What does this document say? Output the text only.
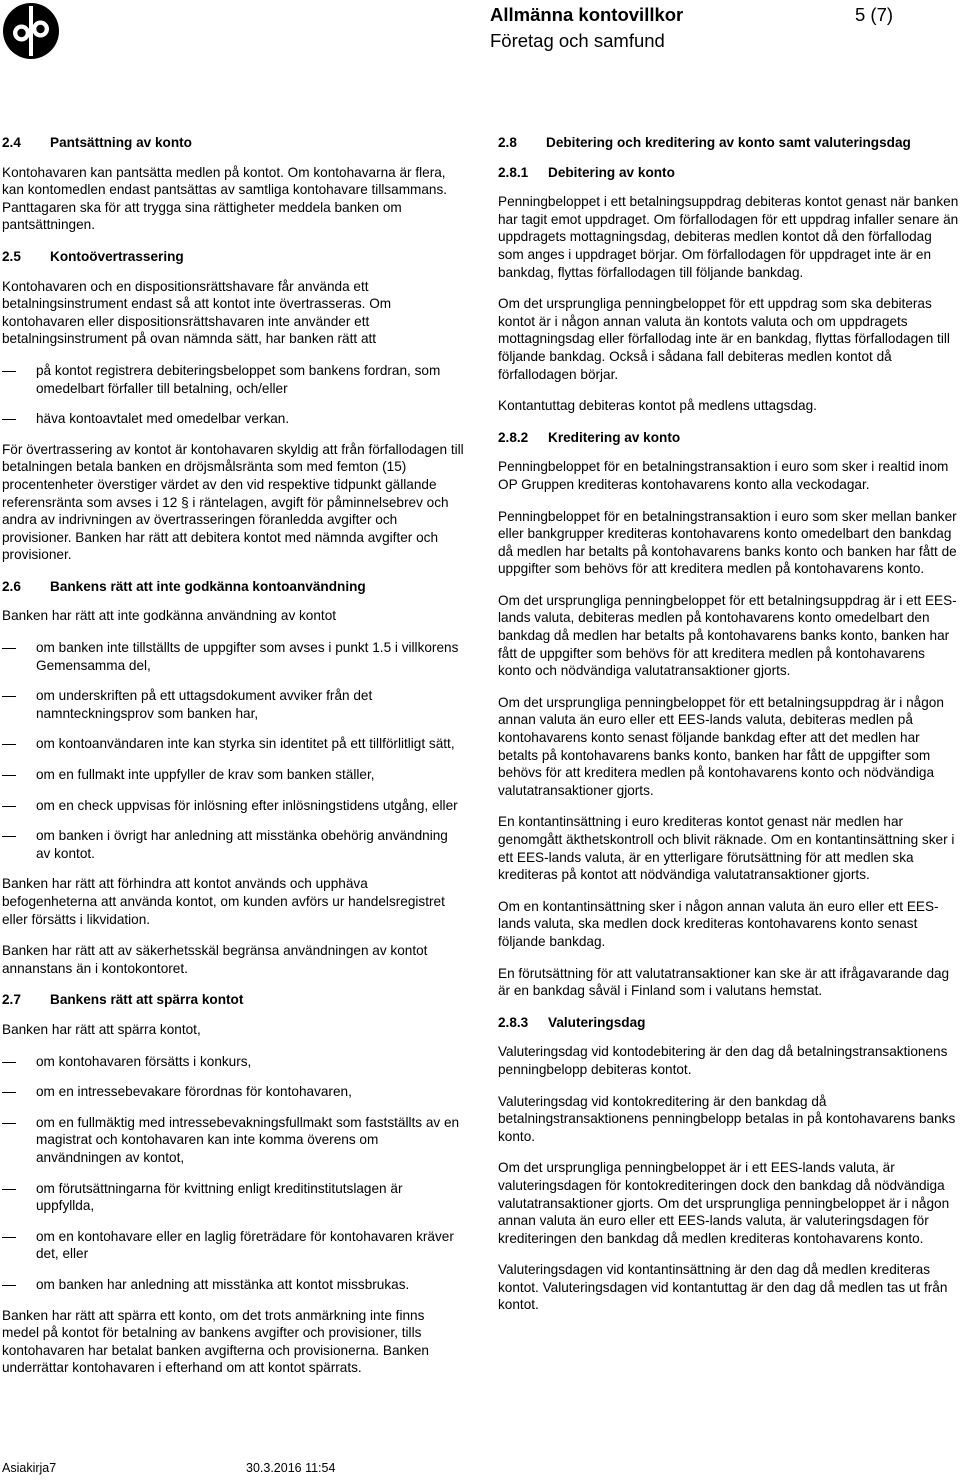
Allmänna kontovillkor	5 (7)
Företag och samfund
2.4	Pantsättning av konto
Kontohavaren kan pantsätta medlen på kontot. Om kontohavarna är flera, kan kontomedlen endast pantsättas av samtliga kontohavare tillsammans. Panttagaren ska för att trygga sina rättigheter meddela banken om pantsättningen.
2.5	Kontoövertrassering
Kontohavaren och en dispositionsrättshavare får använda ett betalningsinstrument endast så att kontot inte övertrasseras. Om kontohavaren eller dispositionsrättshavaren inte använder ett betalningsinstrument på ovan nämnda sätt, har banken rätt att
på kontot registrera debiteringsbeloppet som bankens fordran, som omedelbart förfaller till betalning, och/eller
häva kontoavtalet med omedelbar verkan.
För övertrassering av kontot är kontohavaren skyldig att från förfallodagen till betalningen betala banken en dröjsmålsränta som med femton (15) procentenheter överstiger värdet av den vid respektive tidpunkt gällande referensränta som avses i 12 § i räntelagen, avgift för påminnelsebrev och andra av indrivningen av övertrasseringen föranledda avgifter och provisioner. Banken har rätt att debitera kontot med nämnda avgifter och provisioner.
2.6	Bankens rätt att inte godkänna kontoanvändning
Banken har rätt att inte godkänna användning av kontot
om banken inte tillställts de uppgifter som avses i punkt 1.5 i villkorens Gemensamma del,
om underskriften på ett uttagsdokument avviker från det namnteckningsprov som banken har,
om kontoanvändaren inte kan styrka sin identitet på ett tillförlitligt sätt,
om en fullmakt inte uppfyller de krav som banken ställer,
om en check uppvisas för inlösning efter inlösningstidens utgång, eller
om banken i övrigt har anledning att misstänka obehörig användning av kontot.
Banken har rätt att förhindra att kontot används och upphäva befogenheterna att använda kontot, om kunden avförs ur handelsregistret eller försätts i likvidation.
Banken har rätt att av säkerhetsskäl begränsa användningen av kontot annanstans än i kontokontoret.
2.7	Bankens rätt att spärra kontot
Banken har rätt att spärra kontot,
om kontohavaren försätts i konkurs,
om en intressebevakare förordnas för kontohavaren,
om en fullmäktig med intressebevakningsfullmakt som fastställts av en magistrat och kontohavaren kan inte komma överens om användningen av kontot,
om förutsättningarna för kvittning enligt kreditinstitutslagen är uppfyllda,
om en kontohavare eller en laglig företrädare för kontohavaren kräver det, eller
om banken har anledning att misstänka att kontot missbrukas.
Banken har rätt att spärra ett konto, om det trots anmärkning inte finns medel på kontot för betalning av bankens avgifter och provisioner, tills kontohavaren har betalat banken avgifterna och provisionerna. Banken underrättar kontohavaren i efterhand om att kontot spärrats.
2.8	Debitering och kreditering av konto samt valuteringsdag
2.8.1	Debitering av konto
Penningbeloppet i ett betalningsuppdrag debiteras kontot genast när banken har tagit emot uppdraget. Om förfallodagen för ett uppdrag infaller senare än uppdragets mottagningsdag, debiteras medlen kontot då den förfallodag som anges i uppdraget börjar. Om förfallodagen för uppdraget inte är en bankdag, flyttas förfallodagen till följande bankdag.
Om det ursprungliga penningbeloppet för ett uppdrag som ska debiteras kontot är i någon annan valuta än kontots valuta och om uppdragets mottagningsdag eller förfallodag inte är en bankdag, flyttas förfallodagen till följande bankdag. Också i sådana fall debiteras medlen kontot då förfallodagen börjar.
Kontantuttag debiteras kontot på medlens uttagsdag.
2.8.2	Kreditering av konto
Penningbeloppet för en betalningstransaktion i euro som sker i realtid inom OP Gruppen krediteras kontohavarens konto alla veckodagar.
Penningbeloppet för en betalningstransaktion i euro som sker mellan banker eller bankgrupper krediteras kontohavarens konto omedelbart den bankdag då medlen har betalts på kontohavarens banks konto och banken har fått de uppgifter som behövs för att kreditera medlen på kontohavarens konto.
Om det ursprungliga penningbeloppet för ett betalningsuppdrag är i ett EES-lands valuta, debiteras medlen på kontohavarens konto omedelbart den bankdag då medlen har betalts på kontohavarens banks konto, banken har fått de uppgifter som behövs för att kreditera medlen på kontohavarens konto och nödvändiga valutatransaktioner gjorts.
Om det ursprungliga penningbeloppet för ett betalningsuppdrag är i någon annan valuta än euro eller ett EES-lands valuta, debiteras medlen på kontohavarens konto senast följande bankdag efter att det medlen har betalts på kontohavarens banks konto, banken har fått de uppgifter som behövs för att kreditera medlen på kontohavarens konto och nödvändiga valutatransaktioner gjorts.
En kontantinsättning i euro krediteras kontot genast när medlen har genomgått äkthetskontroll och blivit räknade. Om en kontantinsättning sker i ett EES-lands valuta, är en ytterligare förutsättning för att medlen ska krediteras på kontot att nödvändiga valutatransaktioner gjorts.
Om en kontantinsättning sker i någon annan valuta än euro eller ett EES-lands valuta, ska medlen dock krediteras kontohavarens konto senast följande bankdag.
En förutsättning för att valutatransaktioner kan ske är att ifrågavarande dag är en bankdag såväl i Finland som i valutans hemstat.
2.8.3	Valuteringsdag
Valuteringsdag vid kontodebitering är den dag då betalningstransaktionens penningbelopp debiteras kontot.
Valuteringsdag vid kontokreditering är den bankdag då betalningstransaktionens penningbelopp betalas in på kontohavarens banks konto.
Om det ursprungliga penningbeloppet är i ett EES-lands valuta, är valuteringsdagen för kontokrediteringen dock den bankdag då nödvändiga valutatransaktioner gjorts. Om det ursprungliga penningbeloppet är i någon annan valuta än euro eller ett EES-lands valuta, är valuteringsdagen för krediteringen den bankdag då medlen krediteras kontohavarens konto.
Valuteringsdagen vid kontantinsättning är den dag då medlen krediteras kontot. Valuteringsdagen vid kontantuttag är den dag då medlen tas ut från kontot.
Asiakirja7	30.3.2016 11:54
